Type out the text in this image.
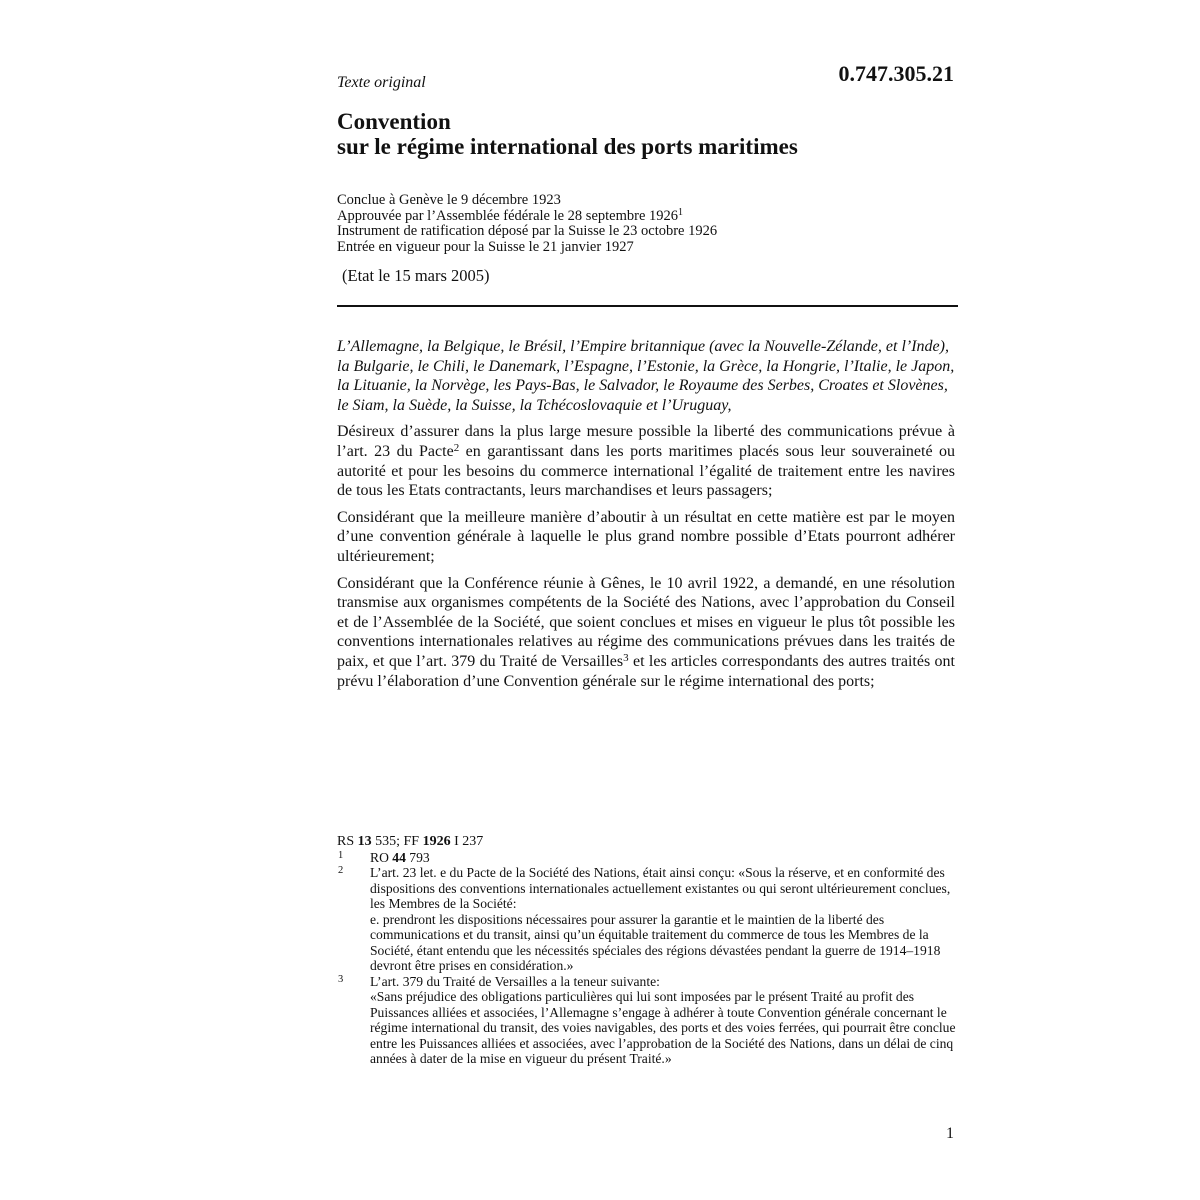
Texte original	0.747.305.21
Convention
sur le régime international des ports maritimes
Conclue à Genève le 9 décembre 1923
Approuvée par l’Assemblée fédérale le 28 septembre 1926$^1$
Instrument de ratification déposé par la Suisse le 23 octobre 1926
Entrée en vigueur pour la Suisse le 21 janvier 1927
(Etat le 15 mars 2005)

L’Allemagne, la Belgique, le Brésil, l’Empire britannique (avec la Nouvelle-Zélande, et l’Inde), la Bulgarie, le Chili, le Danemark, l’Espagne, l’Estonie, la Grèce, la Hongrie, l’Italie, le Japon, la Lituanie, la Norvège, les Pays-Bas, le Salvador, le Royaume des Serbes, Croates et Slovènes, le Siam, la Suède, la Suisse, la Tchécoslovaquie et l’Uruguay,

Désireux d’assurer dans la plus large mesure possible la liberté des communications prévue à l’art. 23 du Pacte$^2$ en garantissant dans les ports maritimes placés sous leur souveraineté ou autorité et pour les besoins du commerce international l’égalité de traitement entre les navires de tous les Etats contractants, leurs marchandises et leurs passagers;

Considérant que la meilleure manière d’aboutir à un résultat en cette matière est par le moyen d’une convention générale à laquelle le plus grand nombre possible d’Etats pourront adhérer ultérieurement;

Considérant que la Conférence réunie à Gênes, le 10 avril 1922, a demandé, en une résolution transmise aux organismes compétents de la Société des Nations, avec l’approbation du Conseil et de l’Assemblée de la Société, que soient conclues et mises en vigueur le plus tôt possible les conventions internationales relatives au régime des communications prévues dans les traités de paix, et que l’art. 379 du Traité de Versailles$^3$ et les articles correspondants des autres traités ont prévu l’élaboration d’une Convention générale sur le régime international des ports;

RS 13 535; FF 1926 I 237
1 RO 44 793
2 L’art. 23 let. e du Pacte de la Société des Nations, était ainsi conçu: «Sous la réserve, et en conformité des dispositions des conventions internationales actuellement existantes ou qui seront ultérieurement conclues, les Membres de la Société:
e. prendront les dispositions nécessaires pour assurer la garantie et le maintien de la liberté des communications et du transit, ainsi qu’un équitable traitement du commerce de tous les Membres de la Société, étant entendu que les nécessités spéciales des régions dévastées pendant la guerre de 1914–1918 devront être prises en considération.»
3 L’art. 379 du Traité de Versailles a la teneur suivante:
«Sans préjudice des obligations particulières qui lui sont imposées par le présent Traité au profit des Puissances alliées et associées, l’Allemagne s’engage à adhérer à toute Convention générale concernant le régime international du transit, des voies navigables, des ports et des voies ferrées, qui pourrait être conclue entre les Puissances alliées et associées, avec l’approbation de la Société des Nations, dans un délai de cinq années à dater de la mise en vigueur du présent Traité.»
1
